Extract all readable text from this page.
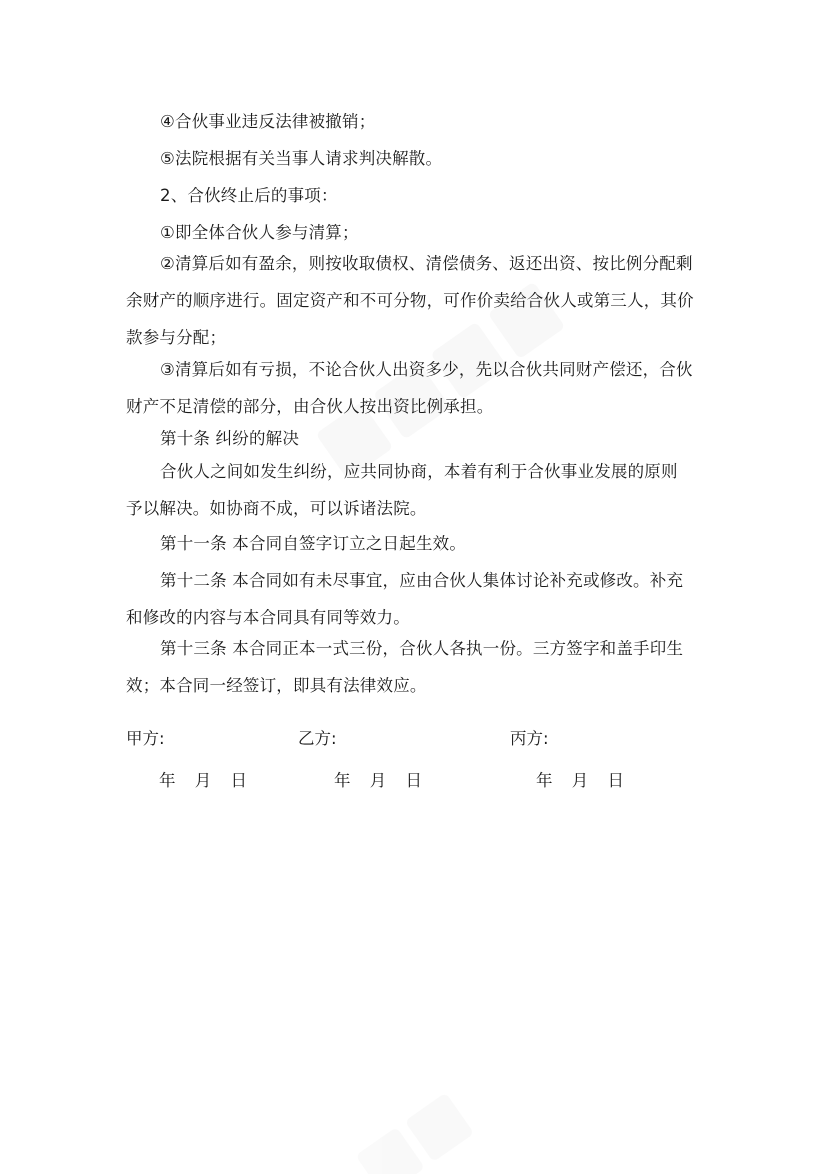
④合伙事业违反法律被撤销；

⑤法院根据有关当事人请求判决解散。

2、合伙终止后的事项：

①即全体合伙人参与清算；

②清算后如有盈余，则按收取债权、清偿债务、返还出资、按比例分配剩余财产的顺序进行。固定资产和不可分物，可作价卖给合伙人或第三人，其价款参与分配；

③清算后如有亏损，不论合伙人出资多少，先以合伙共同财产偿还，合伙财产不足清偿的部分，由合伙人按出资比例承担。

第十条 纠纷的解决

合伙人之间如发生纠纷，应共同协商，本着有利于合伙事业发展的原则予以解决。如协商不成，可以诉诸法院。

第十一条 本合同自签字订立之日起生效。

第十二条 本合同如有未尽事宜，应由合伙人集体讨论补充或修改。补充和修改的内容与本合同具有同等效力。

第十三条 本合同正本一式三份，合伙人各执一份。三方签字和盖手印生效；本合同一经签订，即具有法律效应。

甲方:	乙方:	丙方:
年 月 日	年 月 日	年 月 日
